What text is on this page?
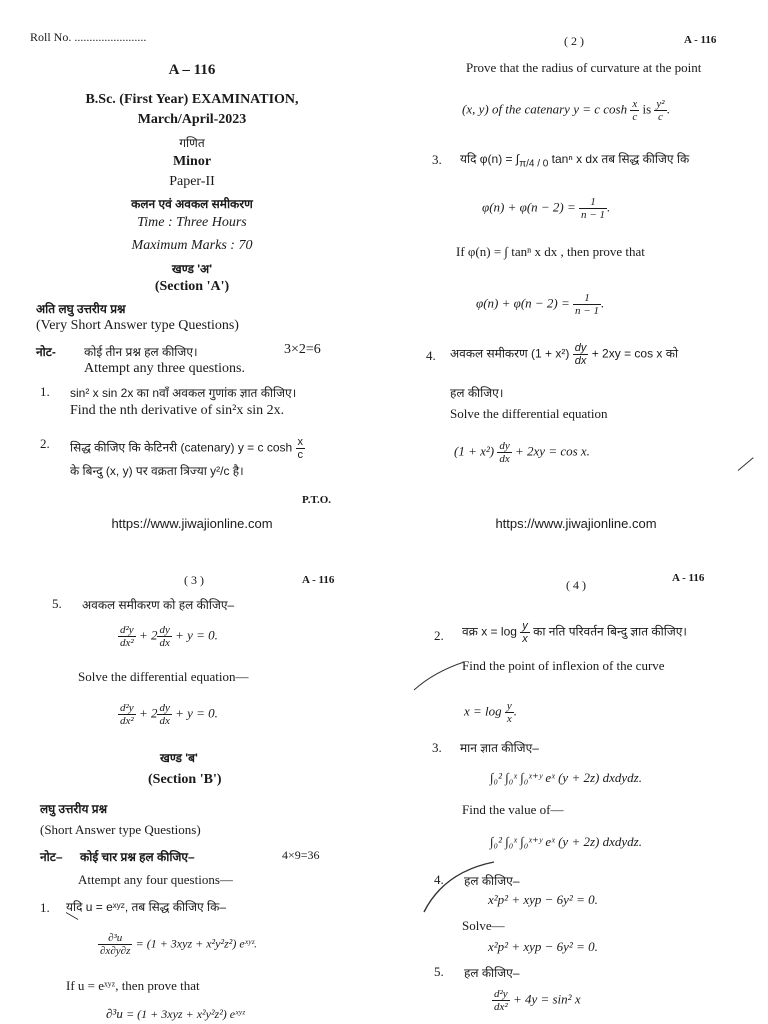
Roll No. ........................
A – 116
B.Sc. (First Year) EXAMINATION,
March/April-2023
गणित
Minor
Paper-II
कलन एवं अवकल समीकरण
Time : Three Hours
Maximum Marks : 70
खण्ड 'अ'
(Section 'A')
अति लघु उत्तरीय प्रश्न
(Very Short Answer type Questions)
नोट- कोई तीन प्रश्न हल कीजिए।	3×2=6
Attempt any three questions.
1. sin² x sin 2x का nवाँ अवकल गुणांक ज्ञात कीजिए।
Find the nth derivative of sin²x sin 2x.
2. सिद्ध कीजिए कि केटिनरी (catenary) y = c $\cosh \frac{x}{c}$
के बिन्दु (x, y) पर वक्रता त्रिज्या y²/c है।
P.T.O.
https://www.jiwajionline.com
( 2 )	A - 116
Prove that the radius of curvature at the point
(x, y) of the catenary y = c $\cosh \frac{x}{c}$ is $\frac{\text{y²}}{c}$ .
3. यदि $\varphi(n) = \int_{\pi/4 / 0}$ tanⁿ x dx तब सिद्ध कीजिए कि
$\varphi(n) + \varphi(n - 2) = \frac{1}{n - 1}$ .
If φ(n) = ∫ tanⁿ x dx , then prove that
$\varphi(n) + \varphi(n - 2) = \frac{1}{n - 1}$ .
4. अवकल समीकरण $(1 + x^2) \frac{dy}{dx} + 2xy = \cos x$ को
हल कीजिए।
Solve the differential equation
$(1 + x^2) \frac{dy}{dx} + 2xy = \cos x$.
https://www.jiwajionline.com
( 3 )	A - 116
5. अवकल समीकरण को हल कीजिए–
$\frac{\text{d²y}}{\text{dx²}} + 2 \frac{dy}{dx} + y = 0$.
Solve the differential equation—
$\frac{\text{d²y}}{\text{dx²}} + 2 \frac{dy}{dx} + y = 0$.
खण्ड 'ब'
(Section 'B')
लघु उत्तरीय प्रश्न
(Short Answer type Questions)
नोट– कोई चार प्रश्न हल कीजिए–	4×9=36
Attempt any four questions—
1. यदि u = eˣʸᶻ, तब सिद्ध कीजिए कि–
$\frac{\text{∂³u}}{\partial x\partial y\partial z} = (1 + 3xyz + x^2y^2z^2)$ eˣʸᶻ.
If u = eˣʸᶻ, then prove that
∂³u = (1 + 3xyz + x²y²z²) eˣʸᶻ
( 4 )	A - 116
2. वक्र $x = \log \frac{y}{x}$ का नति परिवर्तन बिन्दु ज्ञात कीजिए।
Find the point of inflexion of the curve
$x = \log \frac{y}{x}$ .
3. मान ज्ञात कीजिए–
∫₀² ∫₀ˣ ∫₀ˣ⁺ʸ eˣ (y + 2z) dxdydz.
Find the value of—
∫₀² ∫₀ˣ ∫₀ˣ⁺ʸ eˣ (y + 2z) dxdydz.
4. हल कीजिए–
x²p² + xyp − 6y² = 0.
Solve—
x²p² + xyp − 6y² = 0.
5. हल कीजिए–
$\frac{\text{d²y}}{\text{dx²}} + 4y = \sin^2$ x
